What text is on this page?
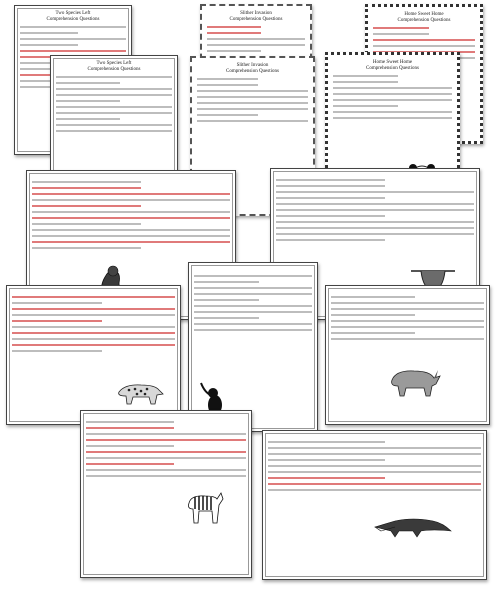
Two Species Left
Comprehension Questions
Two Species Left
Comprehension Questions
Slither Invasion
Comprehension Questions
Slither Invasion
Comprehension Questions
Home Sweet Home
Comprehension Questions
Home Sweet Home
Comprehension Questions
